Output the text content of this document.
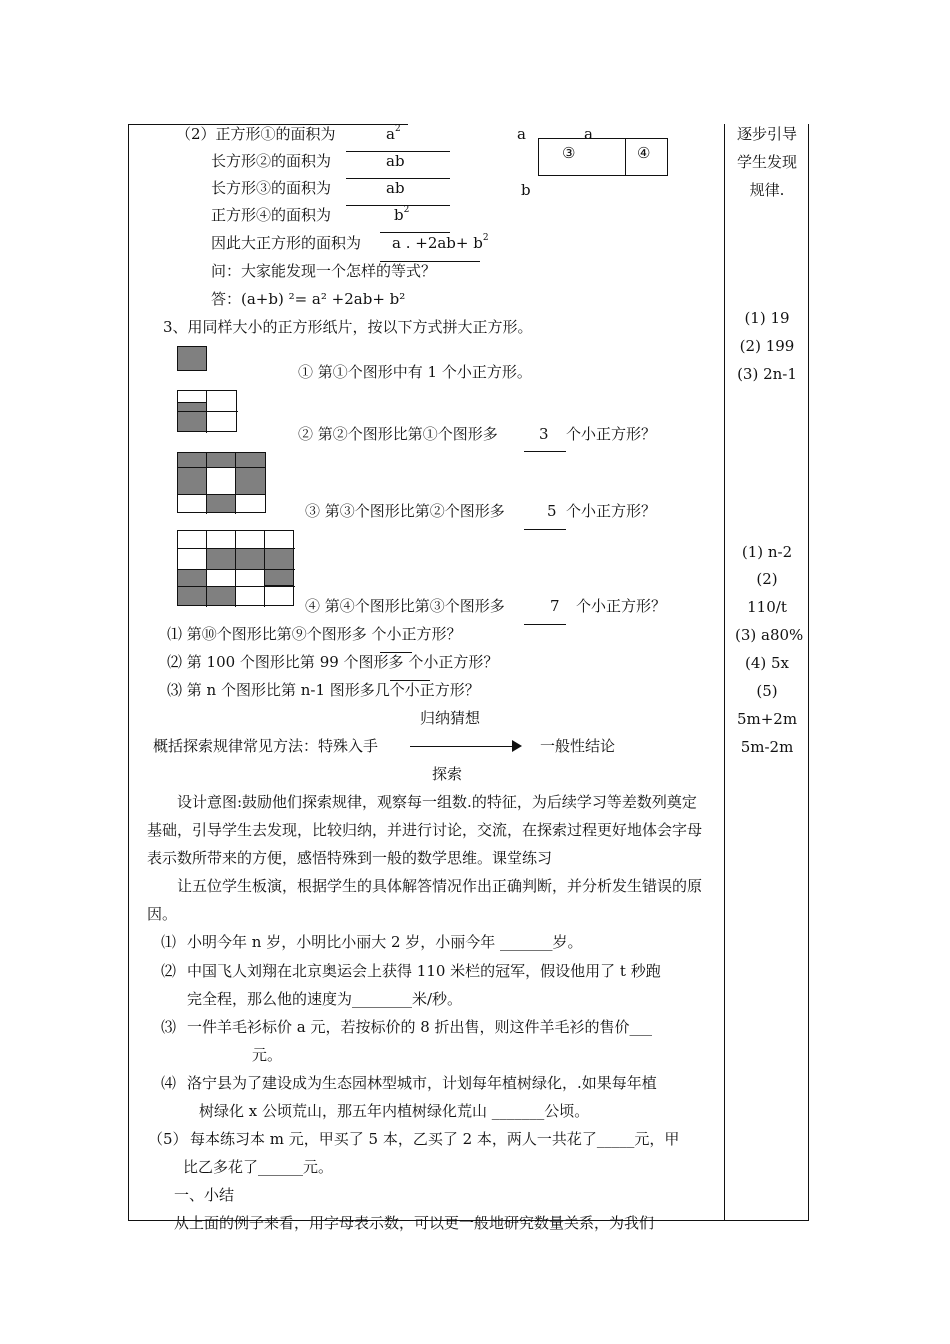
（2）正方形①的面积为	$a^2$
长方形②的面积为	ab
长方形③的面积为	ab
正方形④的面积为	$b^2$
因此大正方形的面积为 a . $+2ab+ b^2$
问：大家能发现一个怎样的等式？
答：(a+b) ²= a² +2ab+ b²
a	a
b
③	④
逐步引导
学生发现
规律.
(1) 19
(2) 199
(3) 2n-1
(1) n-2
(2)
110/t
(3) a80%
(4) 5x
(5)
5m+2m
5m-2m
3、用同样大小的正方形纸片，按以下方式拼大正方形。
① 第①个图形中有 1 个小正方形。
② 第②个图形比第①个图形多	3 个小正方形？
③ 第③个图形比第②个图形多	5 个小正方形？
④ 第④个图形比第③个图形多	7 个小正方形？
⑴ 第⑩个图形比第⑨个图形多 个小正方形？
⑵ 第 100 个图形比第 99 个图形多 个小正方形？
⑶ 第 n 个图形比第 n-1 图形多几个小正方形？
归纳猜想
概括探索规律常见方法：特殊入手	一般性结论
探索
设计意图:鼓励他们探索规律，观察每一组数.的特征，为后续学习等差数列奠定基础，引导学生去发现，比较归纳，并进行讨论，交流，在探索过程更好地体会字母表示数所带来的方便，感悟特殊到一般的数学思维。课堂练习
让五位学生板演，根据学生的具体解答情况作出正确判断，并分析发生错误的原因。
⑴ 小明今年 n 岁，小明比小丽大 2 岁，小丽今年 _______岁。
⑵ 中国飞人刘翔在北京奥运会上获得 110 米栏的冠军，假设他用了 t 秒跑
完全程，那么他的速度为________米/秒。
⑶ 一件羊毛衫标价 a 元，若按标价的 8 折出售，则这件羊毛衫的售价___
元。
⑷ 洛宁县为了建设成为生态园林型城市，计划每年植树绿化，.如果每年植
树绿化 x 公顷荒山，那五年内植树绿化荒山 _______公顷。
（5） 每本练习本 m 元，甲买了 5 本，乙买了 2 本，两人一共花了_____元，甲
比乙多花了______元。
一、小结
从上面的例子来看，用字母表示数，可以更一般地研究数量关系，为我们
